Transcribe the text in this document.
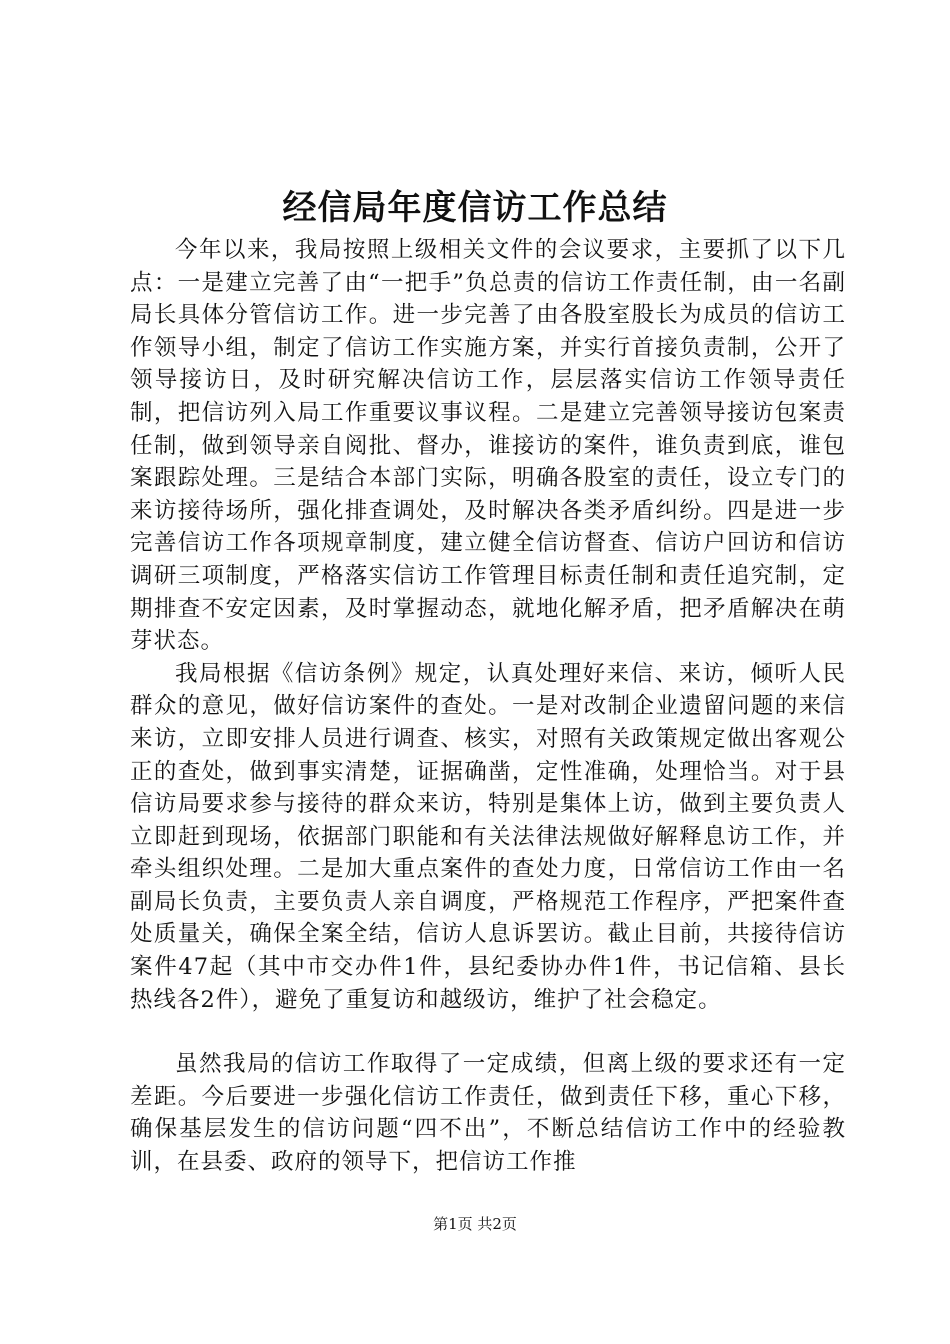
经信局年度信访工作总结

今年以来，我局按照上级相关文件的会议要求，主要抓了以下几点：一是建立完善了由“一把手”负总责的信访工作责任制，由一名副局长具体分管信访工作。进一步完善了由各股室股长为成员的信访工作领导小组，制定了信访工作实施方案，并实行首接负责制，公开了领导接访日，及时研究解决信访工作，层层落实信访工作领导责任制，把信访列入局工作重要议事议程。二是建立完善领导接访包案责任制，做到领导亲自阅批、督办，谁接访的案件，谁负责到底，谁包案跟踪处理。三是结合本部门实际，明确各股室的责任，设立专门的来访接待场所，强化排查调处，及时解决各类矛盾纠纷。四是进一步完善信访工作各项规章制度，建立健全信访督查、信访户回访和信访调研三项制度，严格落实信访工作管理目标责任制和责任追究制，定期排查不安定因素，及时掌握动态，就地化解矛盾，把矛盾解决在萌芽状态。

我局根据《信访条例》规定，认真处理好来信、来访，倾听人民群众的意见，做好信访案件的查处。一是对改制企业遗留问题的来信来访，立即安排人员进行调查、核实，对照有关政策规定做出客观公正的查处，做到事实清楚，证据确凿，定性准确，处理恰当。对于县信访局要求参与接待的群众来访，特别是集体上访，做到主要负责人立即赶到现场，依据部门职能和有关法律法规做好解释息访工作，并牵头组织处理。二是加大重点案件的查处力度，日常信访工作由一名副局长负责，主要负责人亲自调度，严格规范工作程序，严把案件查处质量关，确保全案全结，信访人息诉罢访。截止目前，共接待信访案件47起（其中市交办件1件，县纪委协办件1件，书记信箱、县长热线各2件），避免了重复访和越级访，维护了社会稳定。

虽然我局的信访工作取得了一定成绩，但离上级的要求还有一定差距。今后要进一步强化信访工作责任，做到责任下移，重心下移，确保基层发生的信访问题“四不出”，不断总结信访工作中的经验教训，在县委、政府的领导下，把信访工作推

第1页 共2页
